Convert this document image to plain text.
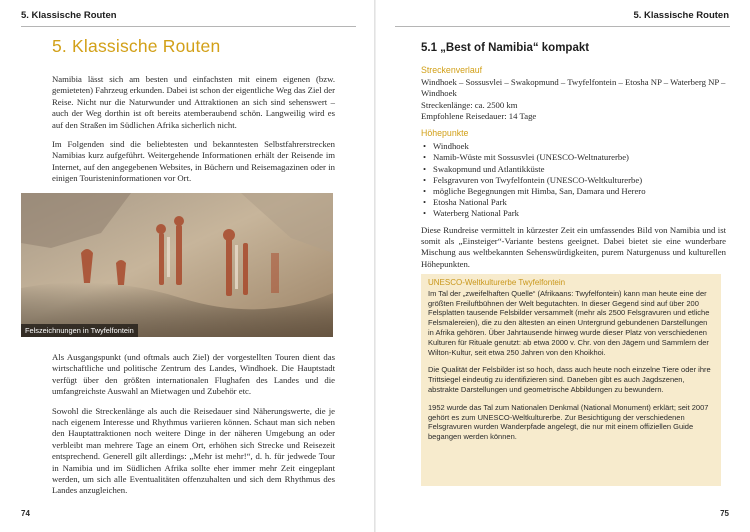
5. Klassische Routen
5. Klassische Routen

Namibia lässt sich am besten und einfachsten mit einem eigenen (bzw. gemieteten) Fahrzeug erkunden. Dabei ist schon der eigentliche Weg das Ziel der Reise. Nicht nur die Naturwunder und Attraktionen an sich sind sehenswert – auch der Weg dorthin ist oft bereits atemberaubend schön. Langweilig wird es auf den Straßen im Südlichen Afrika sicherlich nicht.

Im Folgenden sind die beliebtesten und bekanntesten Selbstfahrerstrecken Namibias kurz aufgeführt. Weitergehende Informationen erhält der Reisende im Internet, auf den angegebenen Websites, in Büchern und Reisemagazinen oder in einigen Touristeninformationen vor Ort.

Felszeichnungen in Twyfelfontein

Als Ausgangspunkt (und oftmals auch Ziel) der vorgestellten Touren dient das wirtschaftliche und politische Zentrum des Landes, Windhoek. Die Hauptstadt verfügt über den größten internationalen Flughafen des Landes und die umfangreichste Auswahl an Mietwagen und Zubehör etc.

Sowohl die Streckenlänge als auch die Reisedauer sind Näherungswerte, die je nach eigenem Interesse und Rhythmus variieren können. Schaut man sich neben den Hauptattraktionen noch weitere Dinge in der näheren Umgebung an oder verbleibt man mehrere Tage an einem Ort, erhöhen sich Strecke und Reisezeit entsprechend. Generell gilt allerdings: „Mehr ist mehr!“, d. h. für jedwede Tour in Namibia und im Südlichen Afrika sollte eher immer mehr Zeit eingeplant werden, um sich alle Eventualitäten offenzuhalten und sich dem Rhythmus des Landes anzugleichen.

74
5. Klassische Routen
5.1 „Best of Namibia“ kompakt
Streckenverlauf
Windhoek – Sossusvlei – Swakopmund – Twyfelfontein – Etosha NP – Waterberg NP – Windhoek
Streckenlänge: ca. 2500 km
Empfohlene Reisedauer: 14 Tage
Höhepunkte
• Windhoek
• Namib-Wüste mit Sossusvlei (UNESCO-Weltnaturerbe)
• Swakopmund und Atlantikküste
• Felsgravuren von Twyfelfontein (UNESCO-Weltkulturerbe)
• mögliche Begegnungen mit Himba, San, Damara und Herero
• Etosha National Park
• Waterberg National Park
Diese Rundreise vermittelt in kürzester Zeit ein umfassendes Bild von Namibia und ist somit als „Einsteiger“-Variante bestens geeignet. Dabei bietet sie eine wunderbare Mischung aus weltbekannten Sehenswürdigkeiten, purem Naturgenuss und kulturellen Höhepunkten.
UNESCO-Weltkulturerbe Twyfelfontein

Im Tal der „zweifelhaften Quelle“ (Afrikaans: Twyfelfontein) kann man heute eine der größten Freiluftbühnen der Welt begutachten. In dieser Gegend sind auf über 200 Felsplatten tausende Felsbilder versammelt (mehr als 2500 Felsgravuren und etliche Felsmalereien), die zu den ältesten an einen Untergrund gebundenen Darstellungen in Afrika gehören. Über Jahrtausende hinweg wurde dieser Platz von verschiedenen Kulturen für Rituale genutzt: ab etwa 2000 v. Chr. von den Jägern und Sammlern der Wilton-Kultur, seit etwa 250 Jahren von den Khoikhoi.

Die Qualität der Felsbilder ist so hoch, dass auch heute noch einzelne Tiere oder ihre Trittsiegel eindeutig zu identifizieren sind. Daneben gibt es auch Jagdszenen, abstrakte Darstellungen und geometrische Abbildungen zu bewundern.

1952 wurde das Tal zum Nationalen Denkmal (National Monument) erklärt; seit 2007 gehört es zum UNESCO-Weltkulturerbe. Zur Besichtigung der verschiedenen Felsgravuren wurden Wanderpfade angelegt, die nur mit einem offiziellen Guide begangen werden können.

75
